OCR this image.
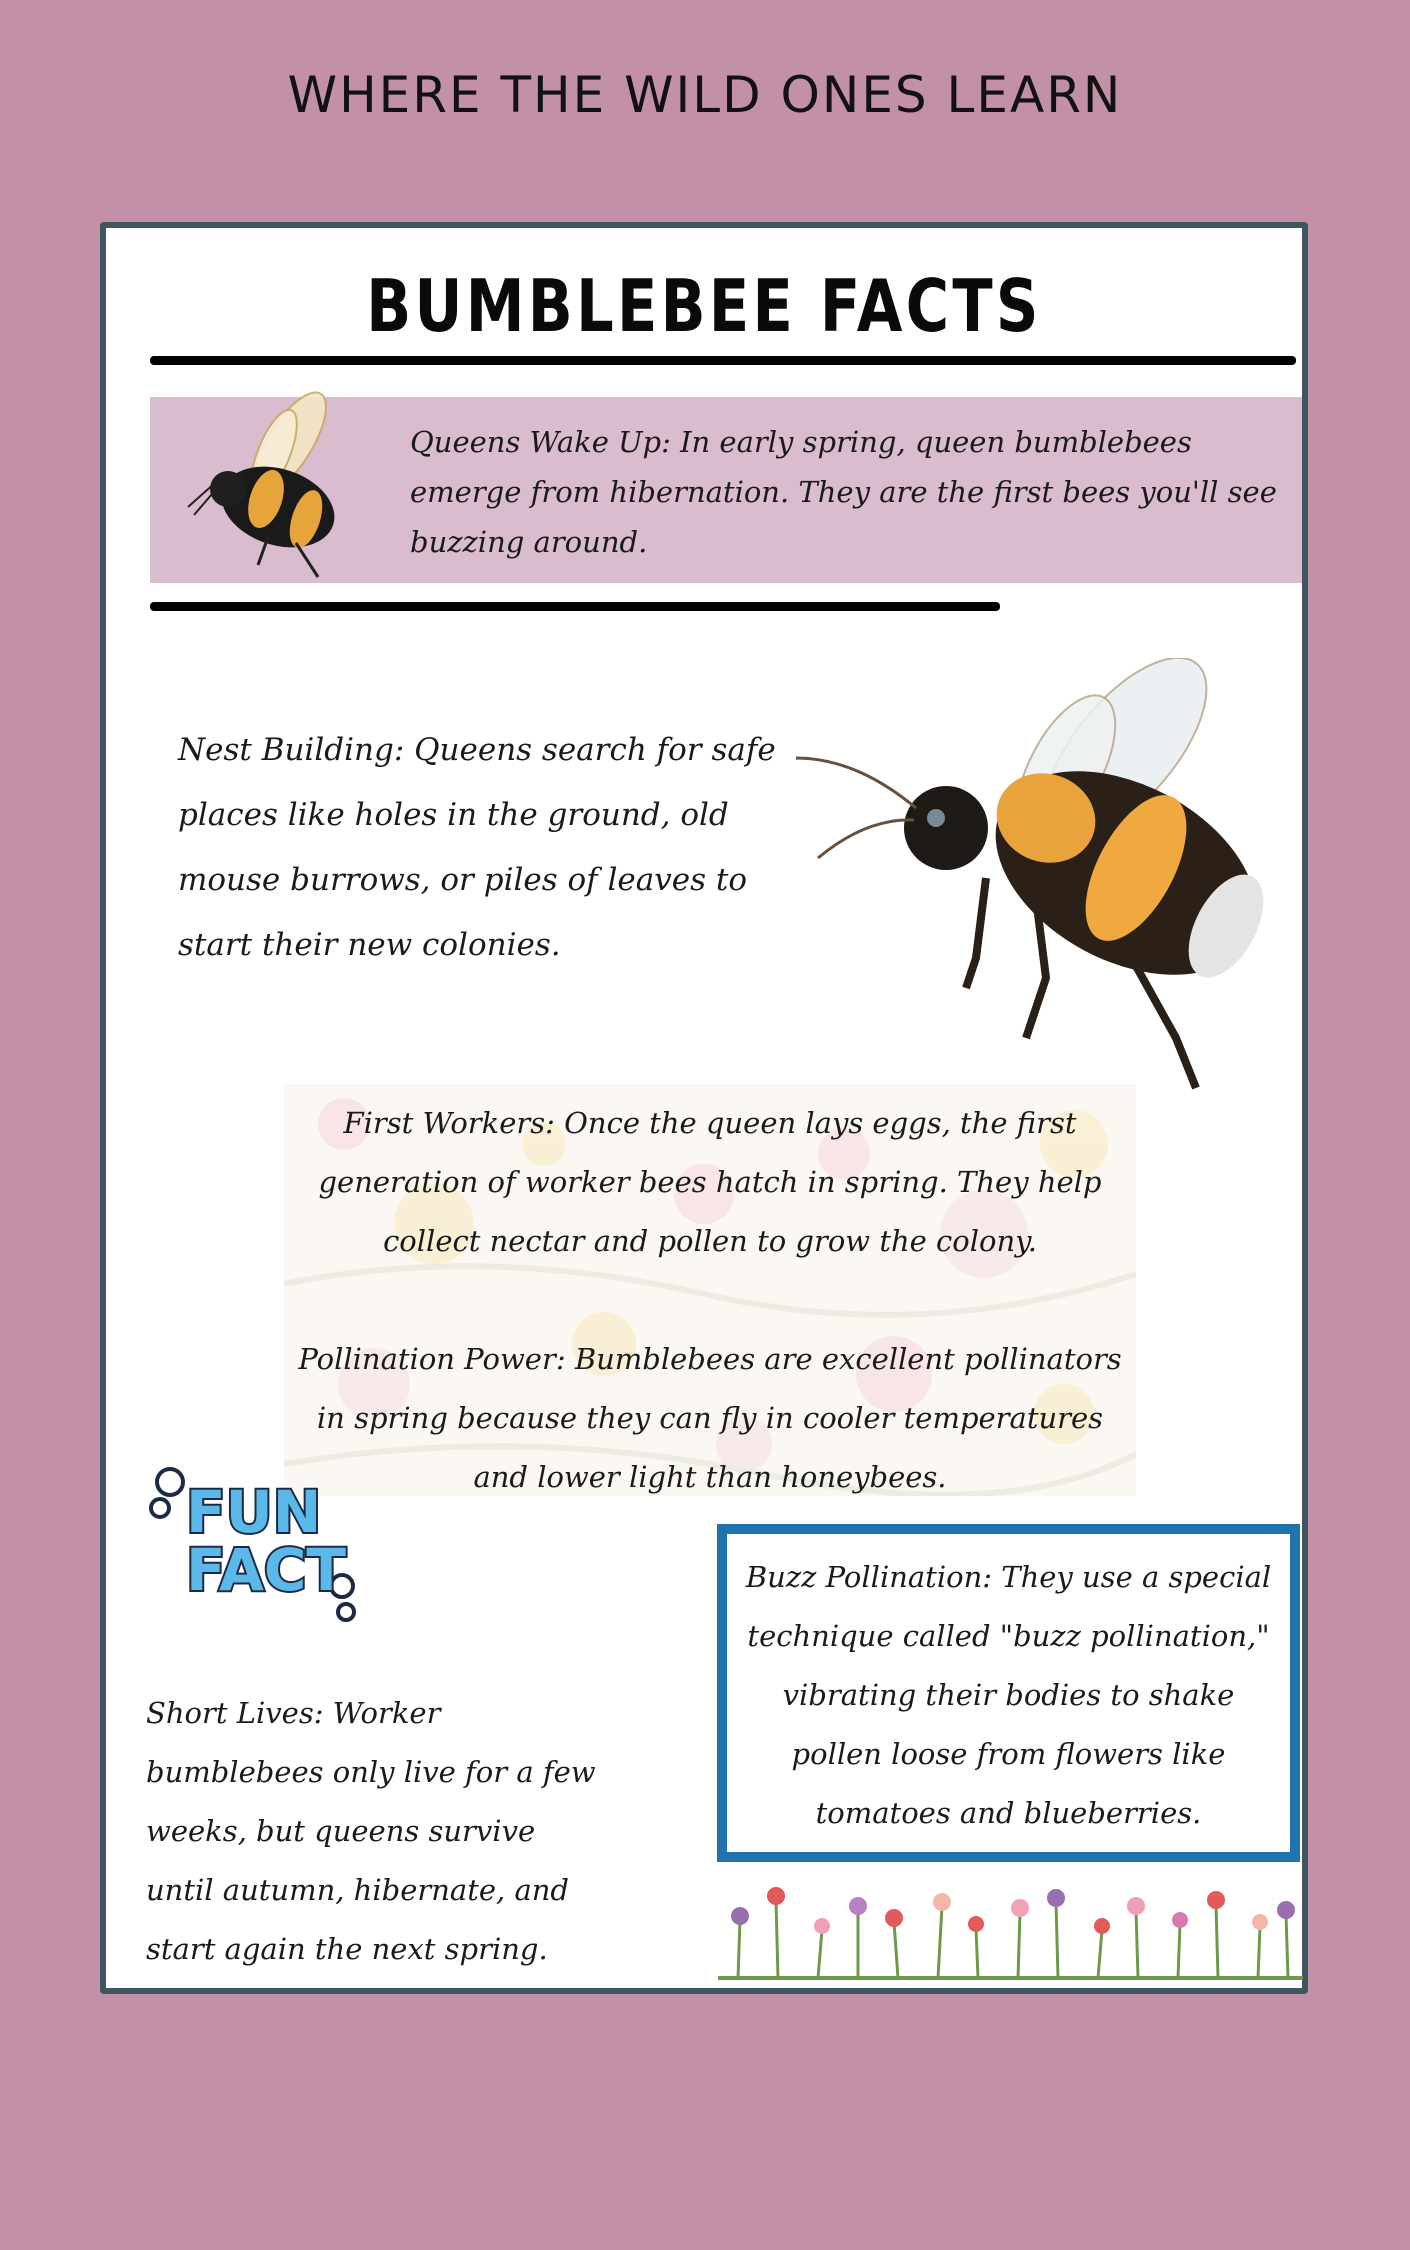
WHERE THE WILD ONES LEARN
BUMBLEBEE FACTS
Queens Wake Up: In early spring, queen bumblebees emerge from hibernation. They are the first bees you'll see buzzing around.
Nest Building: Queens search for safe places like holes in the ground, old mouse burrows, or piles of leaves to start their new colonies.
First Workers: Once the queen lays eggs, the first generation of worker bees hatch in spring. They help collect nectar and pollen to grow the colony.
Pollination Power: Bumblebees are excellent pollinators in spring because they can fly in cooler temperatures and lower light than honeybees.
FUN
FACT
Short Lives: Worker bumblebees only live for a few weeks, but queens survive until autumn, hibernate, and start again the next spring.
Buzz Pollination: They use a special technique called "buzz pollination," vibrating their bodies to shake pollen loose from flowers like tomatoes and blueberries.
